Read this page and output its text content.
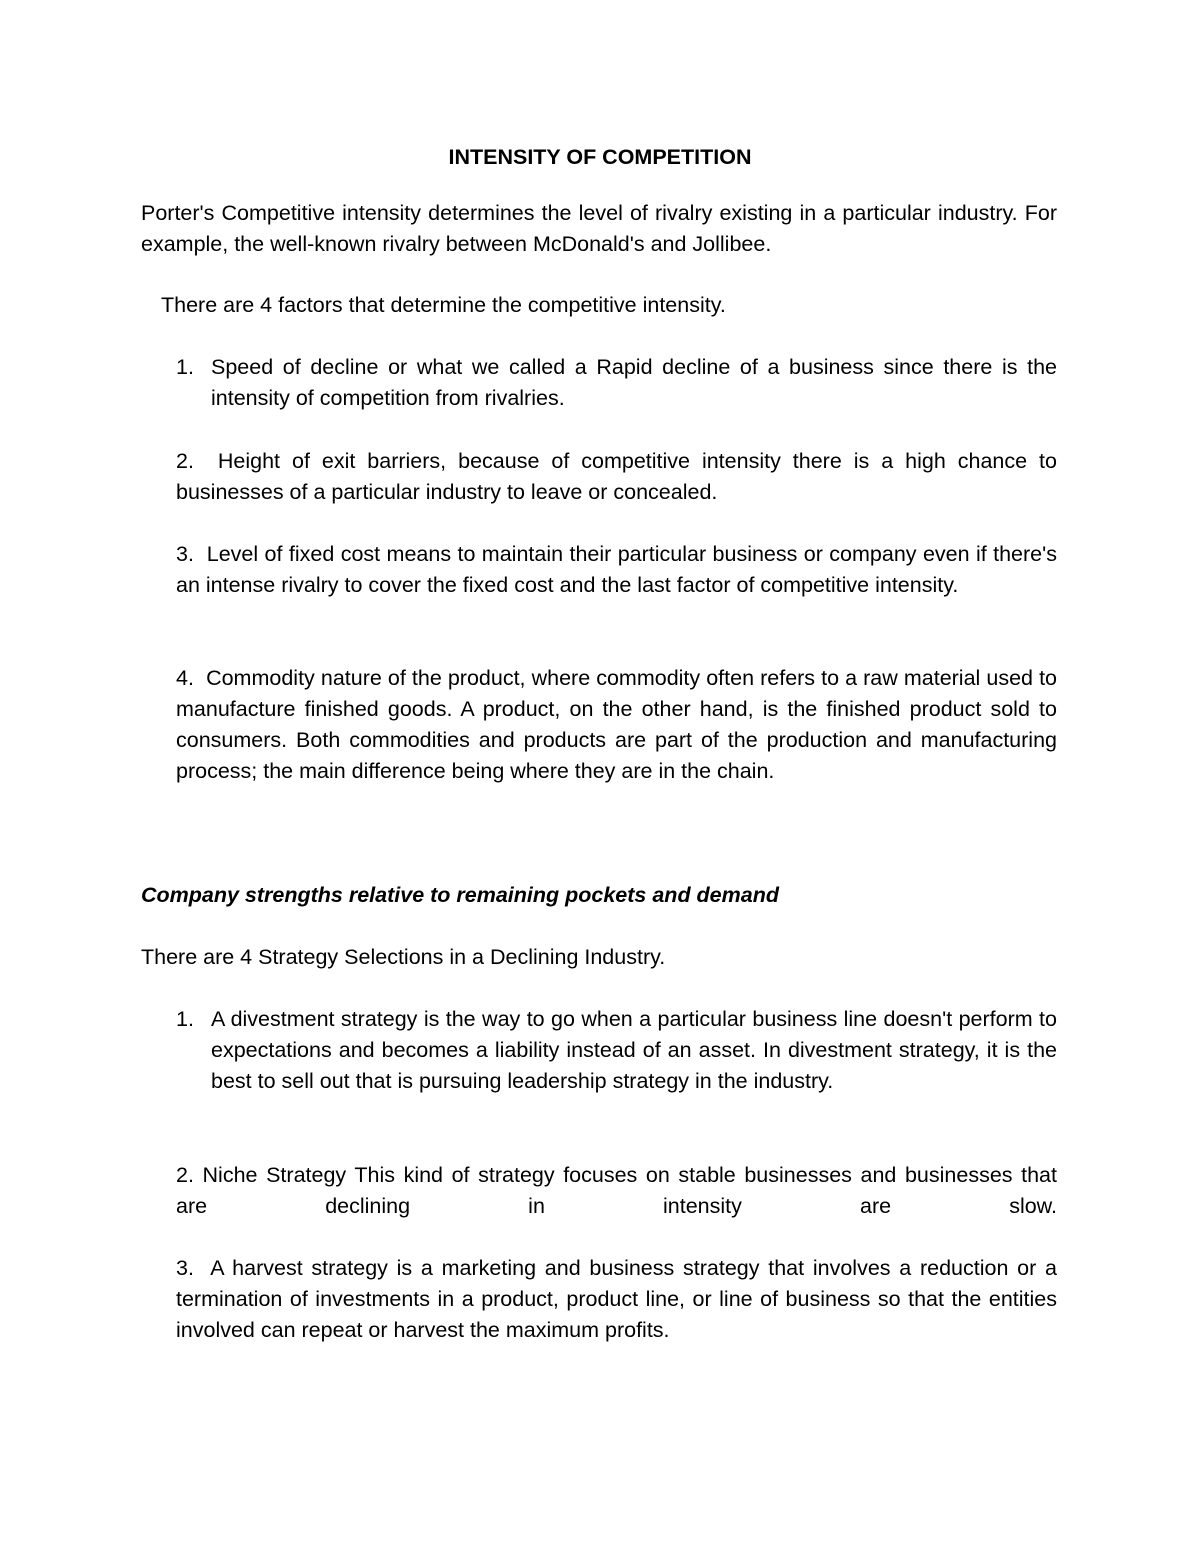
INTENSITY OF COMPETITION
Porter's Competitive intensity determines the level of rivalry existing in a particular industry. For example, the well-known rivalry between McDonald's and Jollibee.
There are 4 factors that determine the competitive intensity.
1. Speed of decline or what we called a Rapid decline of a business since there is the intensity of competition from rivalries.
2. Height of exit barriers, because of competitive intensity there is a high chance to businesses of a particular industry to leave or concealed.
3. Level of fixed cost means to maintain their particular business or company even if there's an intense rivalry to cover the fixed cost and the last factor of competitive intensity.
4. Commodity nature of the product, where commodity often refers to a raw material used to manufacture finished goods. A product, on the other hand, is the finished product sold to consumers. Both commodities and products are part of the production and manufacturing process; the main difference being where they are in the chain.
Company strengths relative to remaining pockets and demand
There are 4 Strategy Selections in a Declining Industry.
1. A divestment strategy is the way to go when a particular business line doesn't perform to expectations and becomes a liability instead of an asset. In divestment strategy, it is the best to sell out that is pursuing leadership strategy in the industry.
2. Niche Strategy This kind of strategy focuses on stable businesses and businesses that are declining in intensity are slow.
3. A harvest strategy is a marketing and business strategy that involves a reduction or a termination of investments in a product, product line, or line of business so that the entities involved can repeat or harvest the maximum profits.
